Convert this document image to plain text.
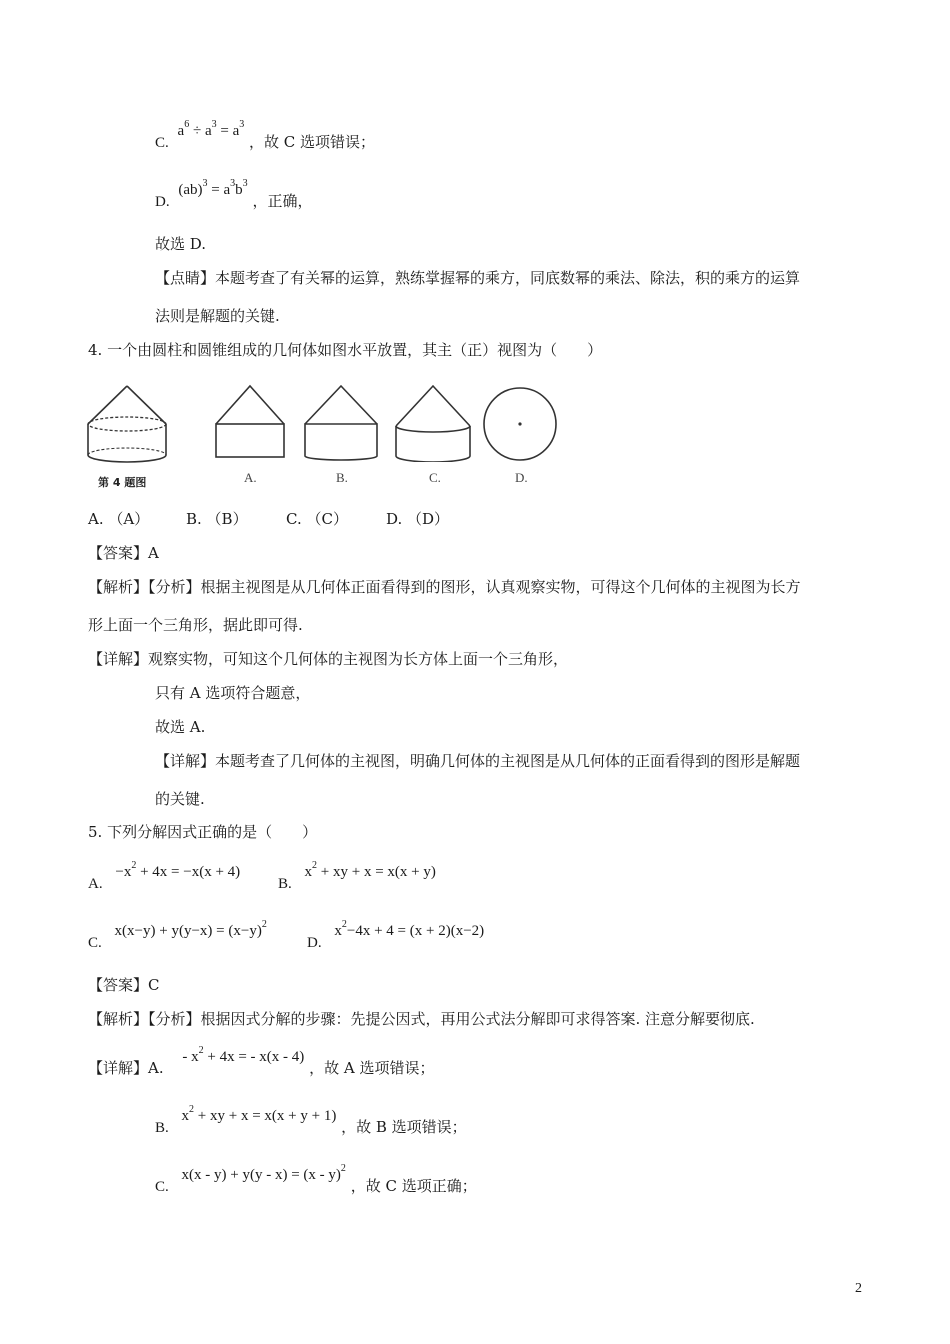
C. $a^6 \div a^3 = a^3$ ，故 C 选项错误；
D. $(ab)^3 = a^3b^3$ ，正确，
故选 D.
【点睛】本题考查了有关幂的运算，熟练掌握幂的乘方，同底数幂的乘法、除法，积的乘方的运算
法则是解题的关键.
4. 一个由圆柱和圆锥组成的几何体如图水平放置，其主（正）视图为（　　）
第 4 题图	A.	B.	C.	D.
A. （A） B. （B）	C. （C）	D. （D）
【答案】A
【解析】【分析】根据主视图是从几何体正面看得到的图形，认真观察实物，可得这个几何体的主视图为长方
形上面一个三角形，据此即可得.
【详解】观察实物，可知这个几何体的主视图为长方体上面一个三角形，
只有 A 选项符合题意，
故选 A.
【详解】本题考查了几何体的主视图，明确几何体的主视图是从几何体的正面看得到的图形是解题
的关键.
5. 下列分解因式正确的是（　　）
A. $-x^2 + 4x = -x(x + 4)$
B. $x^2$ + xy + x = x(x + y)
C. $x(x-y) + y(y-x) = (x-y)^2$
D. $x^2-4x + 4 = (x + 2)(x-2)$
【答案】C
【解析】【分析】根据因式分解的步骤：先提公因式，再用公式法分解即可求得答案. 注意分解要彻底.
【详解】A. - $x^2 + 4x$ = - x(x - 4) ，故 A 选项错误；
B. $x^2$ + xy + x = x(x + y + 1) ，故 B 选项错误；
C. x(x - y) + y(y - x) = (x - y)$^2$ ，故 C 选项正确；
2
